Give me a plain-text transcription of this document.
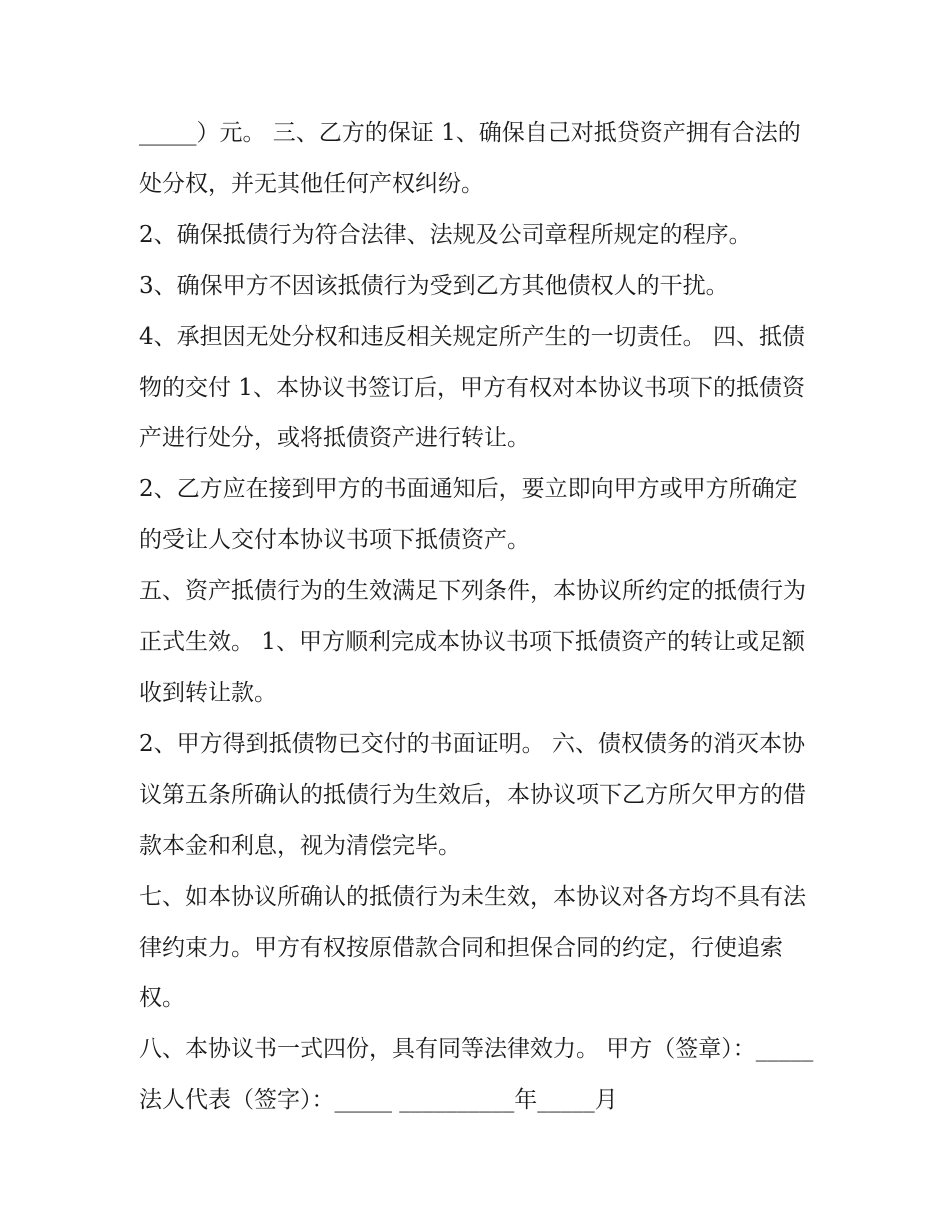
_____）元。 三、乙方的保证 1、确保自己对抵贷资产拥有合法的处分权，并无其他任何产权纠纷。

2、确保抵债行为符合法律、法规及公司章程所规定的程序。

3、确保甲方不因该抵债行为受到乙方其他债权人的干扰。

4、承担因无处分权和违反相关规定所产生的一切责任。 四、抵债物的交付 1、本协议书签订后，甲方有权对本协议书项下的抵债资产进行处分，或将抵债资产进行转让。

2、乙方应在接到甲方的书面通知后，要立即向甲方或甲方所确定的受让人交付本协议书项下抵债资产。

五、资产抵债行为的生效满足下列条件，本协议所约定的抵债行为正式生效。 1、甲方顺利完成本协议书项下抵债资产的转让或足额收到转让款。

2、甲方得到抵债物已交付的书面证明。 六、债权债务的消灭本协议第五条所确认的抵债行为生效后，本协议项下乙方所欠甲方的借款本金和利息，视为清偿完毕。

七、如本协议所确认的抵债行为未生效，本协议对各方均不具有法律约束力。甲方有权按原借款合同和担保合同的约定，行使追索权。

八、本协议书一式四份，具有同等法律效力。 甲方（签章）：_____ 法人代表（签字）：_____ __________年_____月
